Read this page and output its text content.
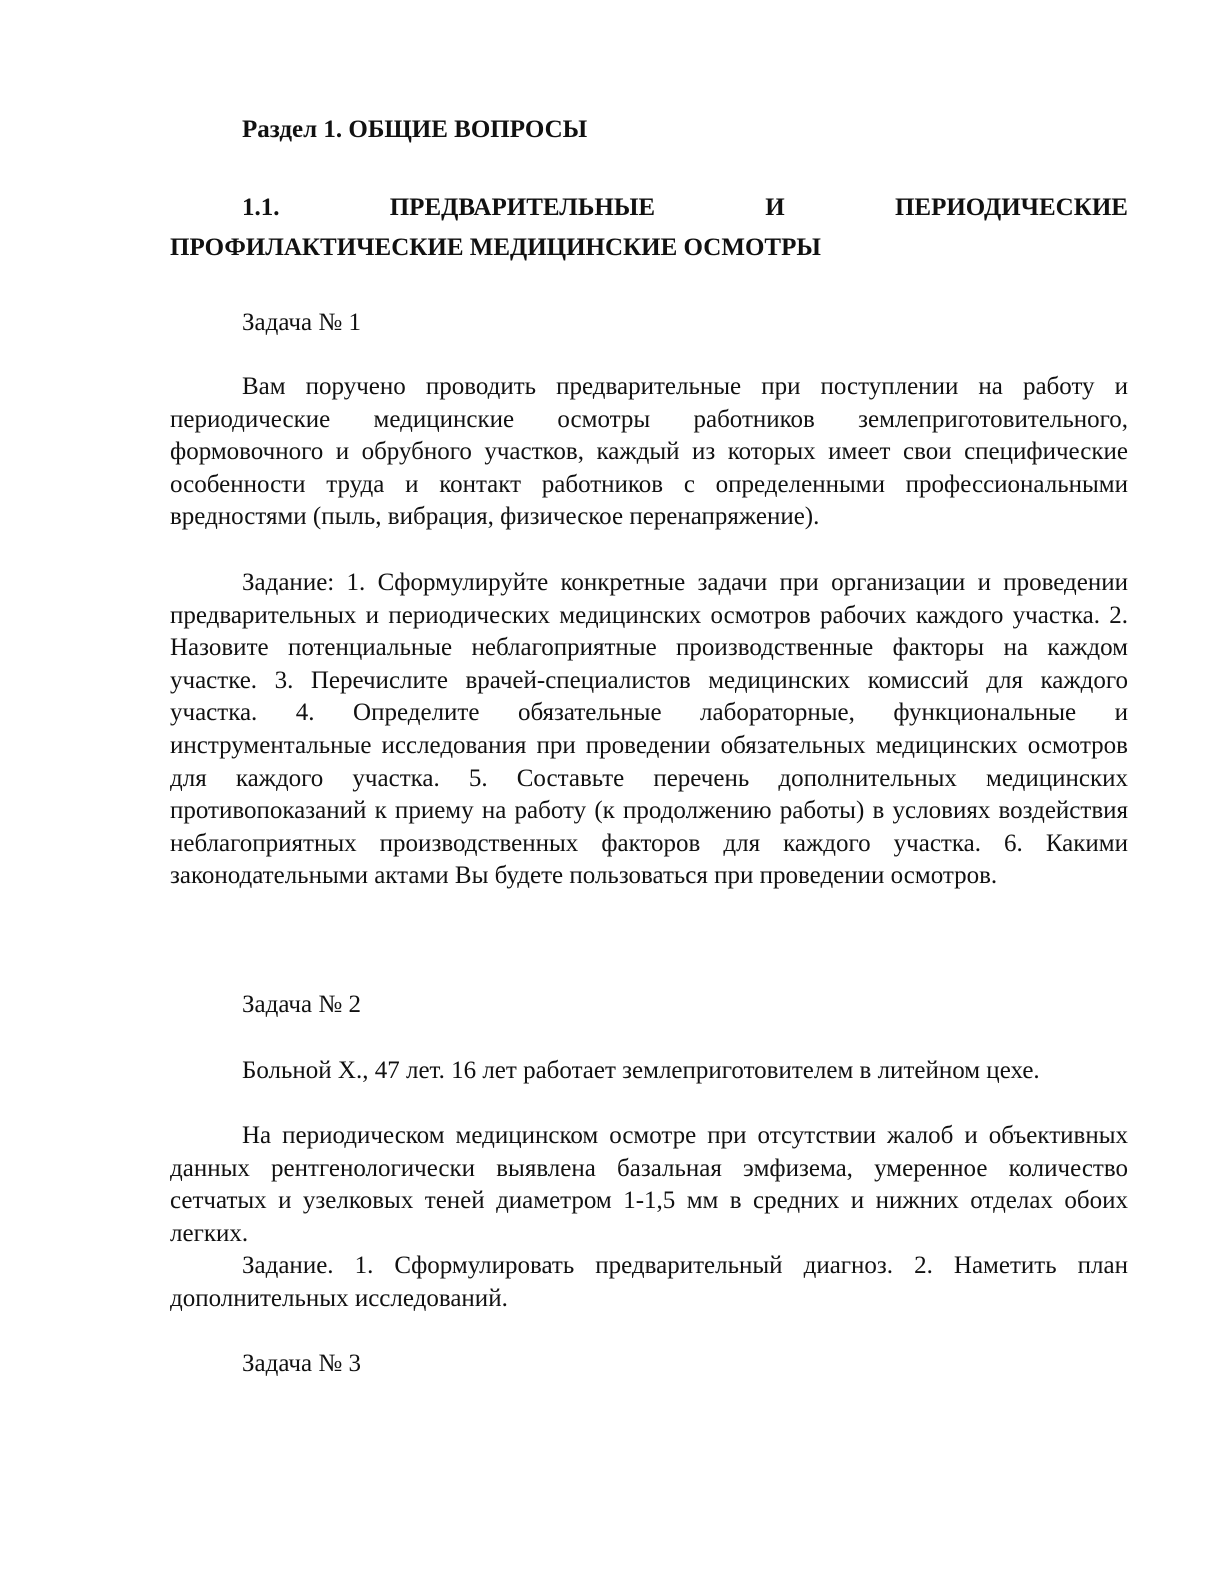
Раздел 1. ОБЩИЕ ВОПРОСЫ
1.1.	ПРЕДВАРИТЕЛЬНЫЕ	И	ПЕРИОДИЧЕСКИЕ
ПРОФИЛАКТИЧЕСКИЕ МЕДИЦИНСКИЕ ОСМОТРЫ
Задача № 1

Вам поручено проводить предварительные при поступлении на работу и периодические медицинские осмотры работников землеприготовительного, формовочного и обрубного участков, каждый из которых имеет свои специфические особенности труда и контакт работников с определенными профессиональными вредностями (пыль, вибрация, физическое перенапряжение).

Задание: 1. Сформулируйте конкретные задачи при организации и проведении предварительных и периодических медицинских осмотров рабочих каждого участка. 2. Назовите потенциальные неблагоприятные производственные факторы на каждом участке. 3. Перечислите врачей-специалистов медицинских комиссий для каждого участка. 4. Определите обязательные лабораторные, функциональные и инструментальные исследования при проведении обязательных медицинских осмотров для каждого участка. 5. Составьте перечень дополнительных медицинских противопоказаний к приему на работу (к продолжению работы) в условиях воздействия неблагоприятных производственных факторов для каждого участка. 6. Какими законодательными актами Вы будете пользоваться при проведении осмотров.

Задача № 2

Больной Х., 47 лет. 16 лет работает землеприготовителем в литейном цехе.

На периодическом медицинском осмотре при отсутствии жалоб и объективных данных рентгенологически выявлена базальная эмфизема, умеренное количество сетчатых и узелковых теней диаметром 1-1,5 мм в средних и нижних отделах обоих легких.

Задание. 1. Сформулировать предварительный диагноз. 2. Наметить план дополнительных исследований.

Задача № 3
